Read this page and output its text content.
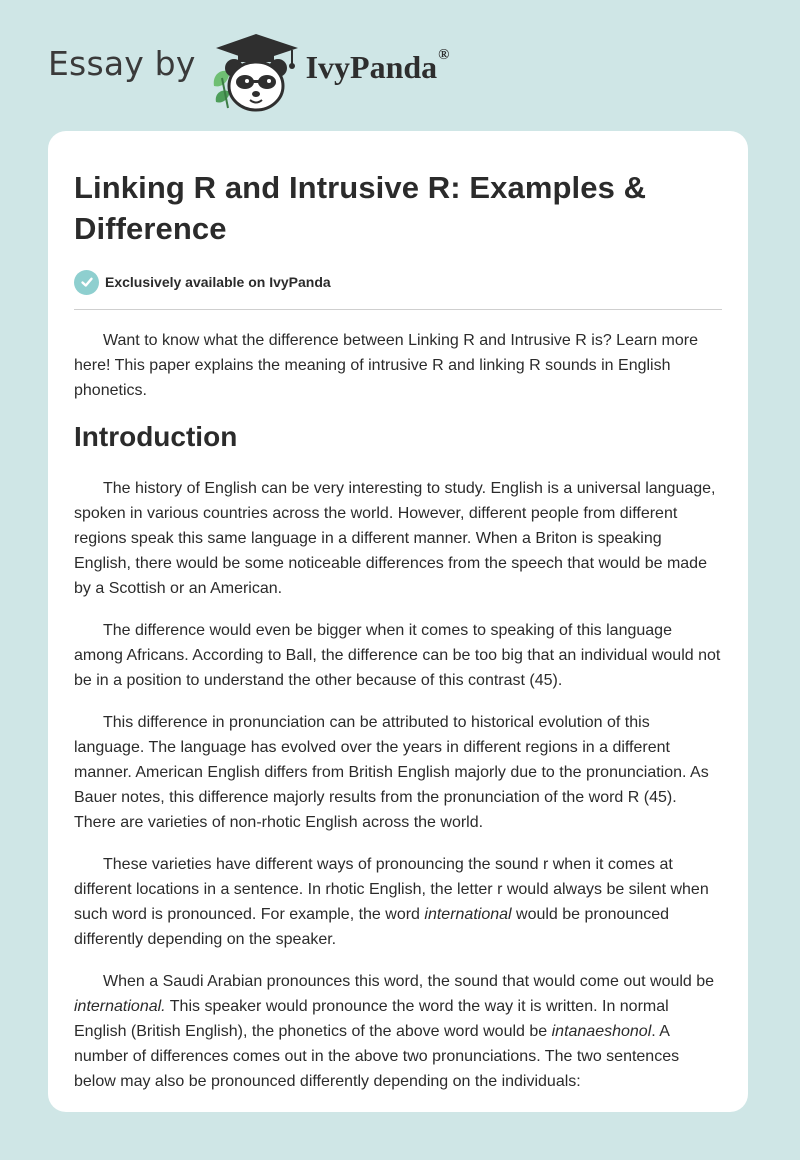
Essay by	IvyPanda®
Linking R and Intrusive R: Examples & Difference
Exclusively available on IvyPanda

Want to know what the difference between Linking R and Intrusive R is? Learn more here! This paper explains the meaning of intrusive R and linking R sounds in English phonetics.

Introduction

The history of English can be very interesting to study. English is a universal language, spoken in various countries across the world. However, different people from different regions speak this same language in a different manner. When a Briton is speaking English, there would be some noticeable differences from the speech that would be made by a Scottish or an American.

The difference would even be bigger when it comes to speaking of this language among Africans. According to Ball, the difference can be too big that an individual would not be in a position to understand the other because of this contrast (45).

This difference in pronunciation can be attributed to historical evolution of this language. The language has evolved over the years in different regions in a different manner. American English differs from British English majorly due to the pronunciation. As Bauer notes, this difference majorly results from the pronunciation of the word R (45). There are varieties of non-rhotic English across the world.

These varieties have different ways of pronouncing the sound r when it comes at different locations in a sentence. In rhotic English, the letter r would always be silent when such word is pronounced. For example, the word international would be pronounced differently depending on the speaker.

When a Saudi Arabian pronounces this word, the sound that would come out would be international. This speaker would pronounce the word the way it is written. In normal English (British English), the phonetics of the above word would be intanaeshonol. A number of differences comes out in the above two pronunciations. The two sentences below may also be pronounced differently depending on the individuals:
